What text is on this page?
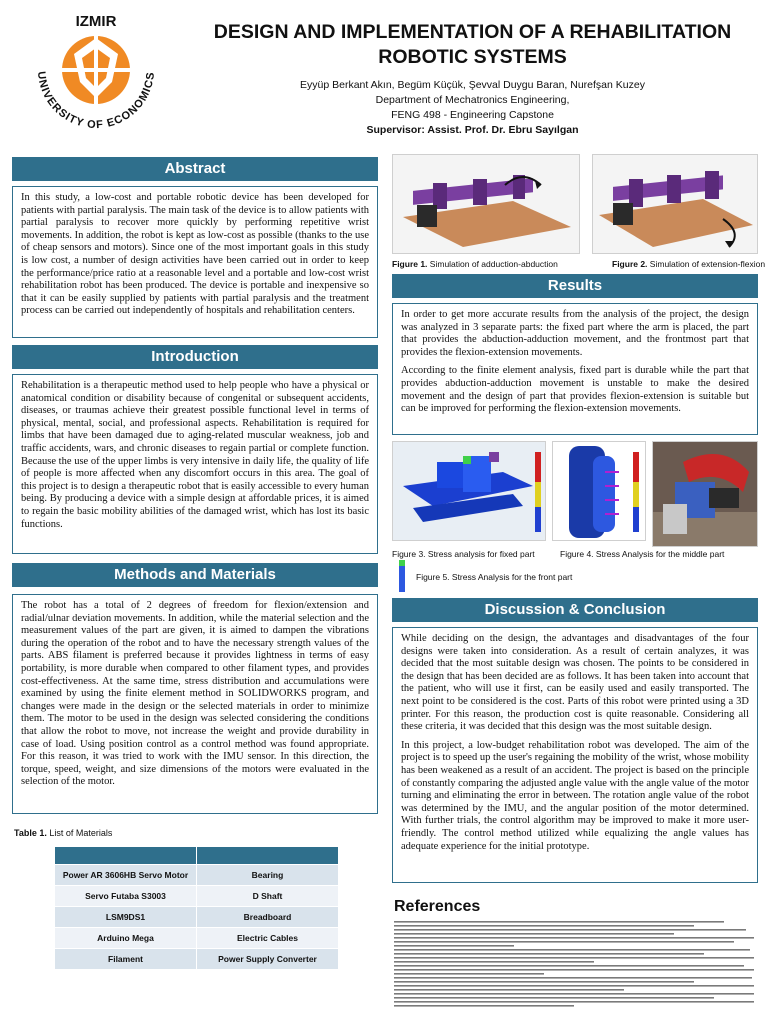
IZMIR
UNIVERSITY OF ECONOMICS
DESIGN AND IMPLEMENTATION OF A REHABILITATION
ROBOTIC SYSTEMS
Eyyüp Berkant Akın, Begüm Küçük, Şevval Duygu Baran, Nurefşan Kuzey
Department of Mechatronics Engineering,
FENG 498 - Engineering Capstone
Supervisor: Assist. Prof. Dr. Ebru Sayılgan
Abstract

In this study, a low-cost and portable robotic device has been developed for patients with partial paralysis. The main task of the device is to allow patients with partial paralysis to recover more quickly by performing repetitive wrist movements. In addition, the robot is kept as low-cost as possible (thanks to the use of cheap sensors and motors). Since one of the most important goals in this study is low cost, a number of design activities have been carried out in order to keep the performance/price ratio at a reasonable level and a portable and low-cost wrist rehabilitation robot has been produced. The device is portable and inexpensive so that it can be easily supplied by patients with partial paralysis and the treatment process can be carried out independently of hospitals and rehabilitation centers.

Introduction

Rehabilitation is a therapeutic method used to help people who have a physical or anatomical condition or disability because of congenital or subsequent accidents, diseases, or traumas achieve their greatest possible functional level in terms of physical, mental, social, and professional aspects. Rehabilitation is required for limbs that have been damaged due to aging-related muscular weakness, job and traffic accidents, wars, and chronic diseases to regain partial or complete function. Because the use of the upper limbs is very intensive in daily life, the quality of life of people is more affected when any discomfort occurs in this area. The goal of this project is to design a therapeutic robot that is easily accessible to every human being. By producing a device with a simple design at affordable prices, it is aimed to regain the basic mobility abilities of the damaged wrist, which has lost its basic functions.

Methods and Materials

The robot has a total of 2 degrees of freedom for flexion/extension and radial/ulnar deviation movements. In addition, while the material selection and the measurement values of the part are given, it is aimed to dampen the vibrations during the operation of the robot and to have the necessary strength values of the parts. ABS filament is preferred because it provides lightness in terms of easy portability, is more durable when compared to other filament types, and provides cost-effectiveness. At the same time, stress distribution and accumulations were examined by using the finite element method in SOLIDWORKS program, and changes were made in the design or the selected materials in order to minimize them. The motor to be used in the design was selected considering the conditions that allow the robot to move, not increase the weight and provide durability in case of load. Using position control as a control method was found appropriate. For this reason, it was tried to work with the IMU sensor. In this direction, the torque, speed, weight, and size dimensions of the motors were evaluated in the selection of the motor.

Table 1. List of Materials

Power AR 3606HB Servo Motor	Bearing
Servo Futaba S3003	D Shaft
LSM9DS1	Breadboard
Arduino Mega	Electric Cables
Filament	Power Supply Converter
Figure 1. Simulation of adduction-abduction	Figure 2. Simulation of extension-flexion
Results

In order to get more accurate results from the analysis of the project, the design was analyzed in 3 separate parts: the fixed part where the arm is placed, the part that provides the abduction-adduction movement, and the frontmost part that provides the flexion-extension movements.

According to the finite element analysis, fixed part is durable while the part that provides abduction-adduction movement is unstable to make the desired movement and the design of part that provides flexion-extension is suitable but can be improved for performing the flexion-extension movements.

Figure 3. Stress analysis for fixed part	Figure 4. Stress Analysis for the middle part
Figure 5. Stress Analysis for the front part
Discussion & Conclusion

While deciding on the design, the advantages and disadvantages of the four designs were taken into consideration. As a result of certain analyzes, it was decided that the most suitable design was chosen. The points to be considered in the design that has been decided are as follows. It has been taken into account that the patient, who will use it first, can be easily used and easily transported. The next point to be considered is the cost. Parts of this robot were printed using a 3D printer. For this reason, the production cost is quite reasonable. Considering all these criteria, it was decided that this design was the most suitable design.

In this project, a low-budget rehabilitation robot was developed. The aim of the project is to speed up the user's regaining the mobility of the wrist, whose mobility has been weakened as a result of an accident. The project is based on the principle of constantly comparing the adjusted angle value with the angle value of the motor turning and eliminating the error in between. The rotation angle value of the robot was determined by the IMU, and the angular position of the motor determined. With further trials, the control algorithm may be improved to make it more user-friendly. The control method utilized while equalizing the angle values has adequate experience for the initial prototype.

References
